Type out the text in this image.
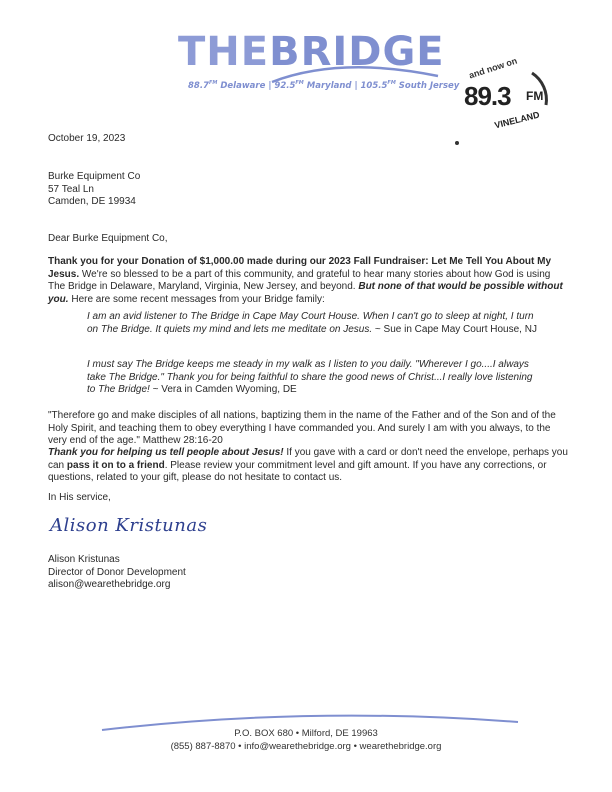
THEBRIDGE
$88.7^{FM}$ Delaware | $92.5^{FM}$ Maryland | $105.5^{FM}$ South Jersey
and now on
89.3 FM
VINELAND
October 19, 2023
Burke Equipment Co
57 Teal Ln
Camden, DE 19934
Dear Burke Equipment Co,
Thank you for your Donation of $1,000.00 made during our 2023 Fall Fundraiser: Let Me Tell You About My Jesus. We're so blessed to be a part of this community, and grateful to hear many stories about how God is using The Bridge in Delaware, Maryland, Virginia, New Jersey, and beyond. But none of that would be possible without you. Here are some recent messages from your Bridge family:
I am an avid listener to The Bridge in Cape May Court House. When I can't go to sleep at night, I turn on The Bridge. It quiets my mind and lets me meditate on Jesus. ~ Sue in Cape May Court House, NJ
I must say The Bridge keeps me steady in my walk as I listen to you daily. "Wherever I go....I always take The Bridge." Thank you for being faithful to share the good news of Christ...I really love listening to The Bridge! ~ Vera in Camden Wyoming, DE
"Therefore go and make disciples of all nations, baptizing them in the name of the Father and of the Son and of the Holy Spirit, and teaching them to obey everything I have commanded you. And surely I am with you always, to the very end of the age." Matthew 28:16-20
Thank you for helping us tell people about Jesus! If you gave with a card or don't need the envelope, perhaps you can pass it on to a friend. Please review your commitment level and gift amount. If you have any corrections, or questions, related to your gift, please do not hesitate to contact us.
In His service,
Alison Kristunas
Alison Kristunas
Director of Donor Development
alison@wearethebridge.org
P.O. BOX 680 • Milford, DE 19963
(855) 887-8870 • info@wearethebridge.org • wearethebridge.org
